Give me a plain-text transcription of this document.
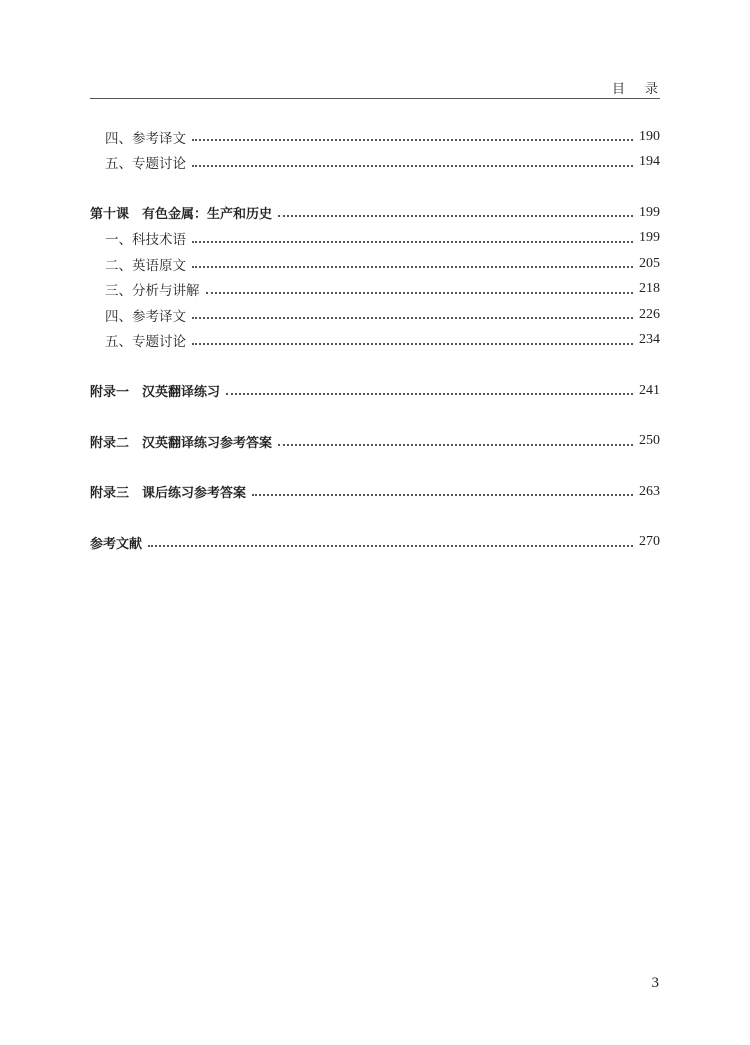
目录
四、参考译文	190
五、专题讨论	194
第十课　有色金属：生产和历史	199
一、科技术语	199
二、英语原文	205
三、分析与讲解	218
四、参考译文	226
五、专题讨论	234
附录一　汉英翻译练习	241
附录二　汉英翻译练习参考答案	250
附录三　课后练习参考答案	263
参考文献	270
3
